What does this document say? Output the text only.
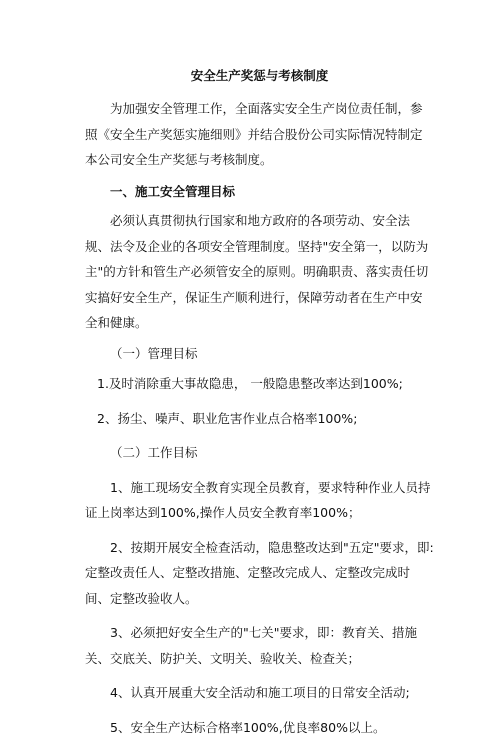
安全生产奖惩与考核制度

为加强安全管理工作，全面落实安全生产岗位责任制，参照《安全生产奖惩实施细则》并结合股份公司实际情况特制定本公司安全生产奖惩与考核制度。

一、施工安全管理目标

必须认真贯彻执行国家和地方政府的各项劳动、安全法规、法令及企业的各项安全管理制度。坚持"安全第一，以防为主"的方针和管生产必须管安全的原则。明确职责、落实责任切实搞好安全生产，保证生产顺利进行，保障劳动者在生产中安全和健康。

（一）管理目标

1.及时消除重大事故隐患， 一般隐患整改率达到100%;

2、扬尘、噪声、职业危害作业点合格率100%;

（二）工作目标

1、施工现场安全教育实现全员教育，要求特种作业人员持证上岗率达到100%,操作人员安全教育率100%；

2、按期开展安全检查活动，隐患整改达到"五定"要求，即: 定整改责任人、定整改措施、定整改完成人、定整改完成时间、定整改验收人。

3、必须把好安全生产的"七关"要求，即：教育关、措施关、交底关、防护关、文明关、验收关、检查关；

4、认真开展重大安全活动和施工项目的日常安全活动;

5、安全生产达标合格率100%,优良率80%以上。
